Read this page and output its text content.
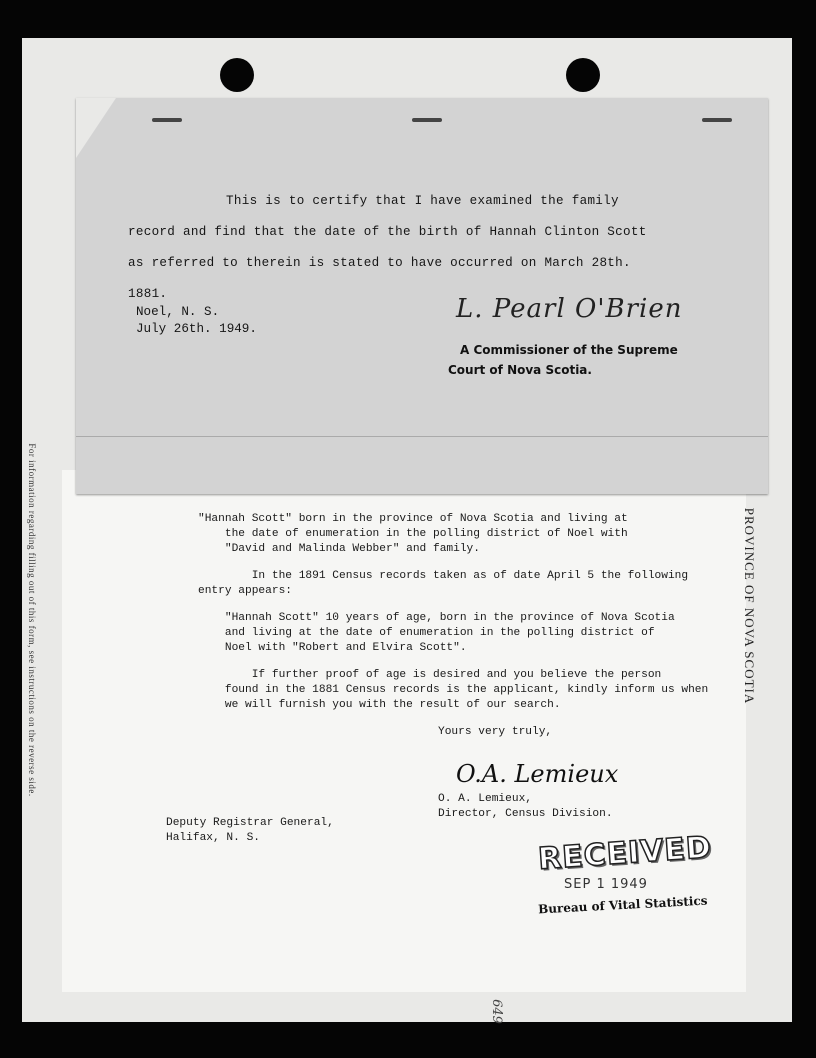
For information regarding filling out of this form, see instructions on the reverse side.	"Hannah Scott" born in the province of Nova Scotia and living at
the date of enumeration in the polling district of Noel with
"David and Malinda Webber" and family.

In the 1891 Census records taken as of date April 5 the following
entry appears:

"Hannah Scott" 10 years of age, born in the province of Nova Scotia
and living at the date of enumeration in the polling district of
Noel with "Robert and Elvira Scott".

If further proof of age is desired and you believe the person
found in the 1881 Census records is the applicant, kindly inform us when
we will furnish you with the result of our search.

Yours very truly,
O.A. Lemieux
O. A. Lemieux,
Director, Census Division.
Deputy Registrar General,
Halifax, N. S.	RECEIVED
SEP 1 1949
Bureau of Vital Statistics
PROVINCE OF NOVA SCOTIA
649
This is to certify that I have examined the family
record and find that the date of the birth of Hannah Clinton Scott
as referred to therein is stated to have occurred on March 28th.
1881.
Noel, N. S.
July 26th. 1949.
L. Pearl O'Brien
A Commissioner of the Supreme
Court of Nova Scotia.
